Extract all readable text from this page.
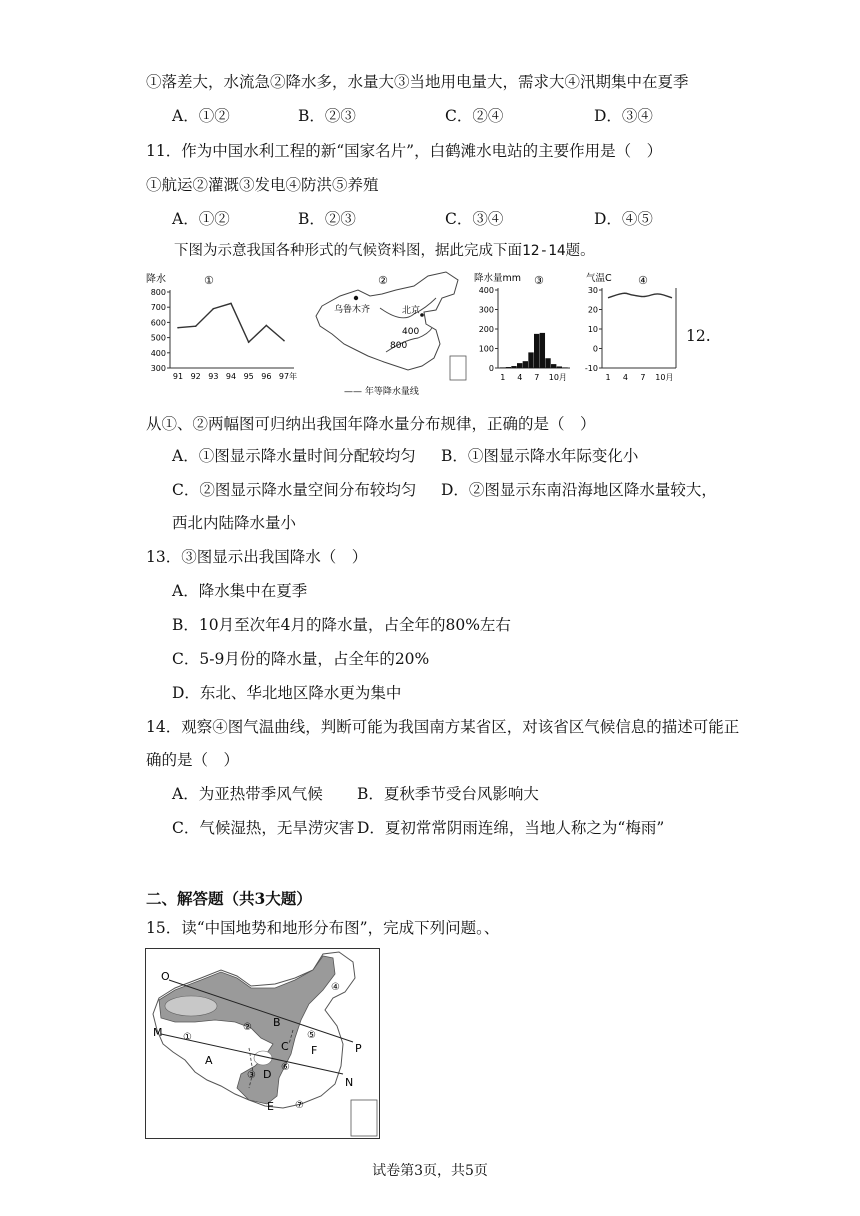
①落差大，水流急②降水多，水量大③当地用电量大，需求大④汛期集中在夏季
A．①②	B．②③	C．②④	D．③④
11．作为中国水利工程的新“国家名片”，白鹤滩水电站的主要作用是（　）
①航运②灌溉③发电④防洪⑤养殖
A．①②	B．②③	C．③④	D．④⑤
下图为示意我国各种形式的气候资料图，据此完成下面12-14题。
降水	①
800
700
600
500
400
300
91 92 93 94 95 96 97年
②
乌鲁木齐	北京
400
800
—— 年等降水量线
降水量mm ③
400
300
200
100
0
1 4 7 10月
气温C ④
30
20
10
0
-10
1 4 7 10月
12.
从①、②两幅图可归纳出我国年降水量分布规律，正确的是（　）
A．①图显示降水量时间分配较均匀 B．①图显示降水年际变化小
C．②图显示降水量空间分布较均匀 D．②图显示东南沿海地区降水量较大，
西北内陆降水量小
13．③图显示出我国降水（　）
A．降水集中在夏季
B．10月至次年4月的降水量，占全年的80%左右
C．5-9月份的降水量，占全年的20%
D．东北、华北地区降水更为集中
14．观察④图气温曲线，判断可能为我国南方某省区，对该省区气候信息的描述可能正
确的是（　）
A．为亚热带季风气候 B．夏秋季节受台风影响大
C．气候湿热，无旱涝灾害 D．夏初常常阴雨连绵，当地人称之为“梅雨”
二、解答题（共3大题）
15．读“中国地势和地形分布图”，完成下列问题。、
O
B
④
①
②
⑤
P
M
C F
A
⑥
③ D
N
E ⑦
试卷第3页，共5页
